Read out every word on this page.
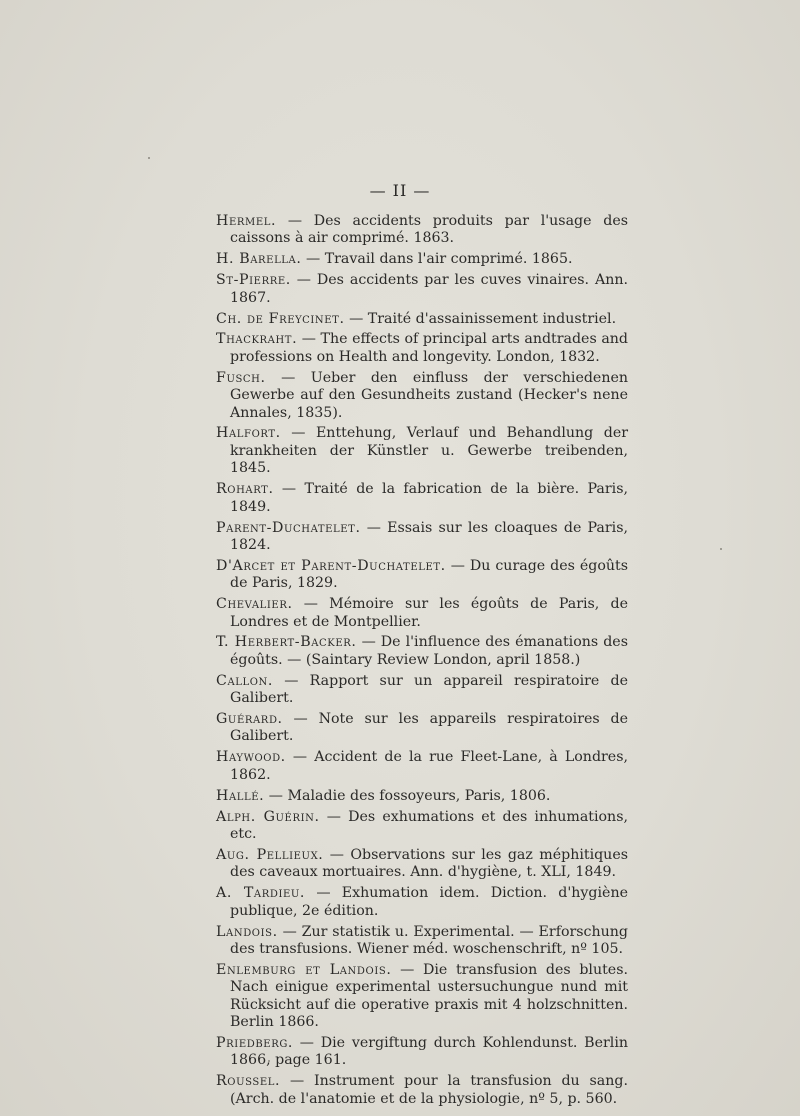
— II —
Hermel. — Des accidents produits par l'usage des caissons à air comprimé. 1863.
H. Barella. — Travail dans l'air comprimé. 1865.
St-Pierre. — Des accidents par les cuves vinaires. Ann. 1867.
Ch. de Freycinet. — Traité d'assainissement industriel.
Thackraht. — The effects of principal arts andtrades and professions on Health and longevity. London, 1832.
Fusch. — Ueber den einfluss der verschiedenen Gewerbe auf den Gesundheits zustand (Hecker's nene Annales, 1835).
Halfort. — Enttehung, Verlauf und Behandlung der krankheiten der Künstler u. Gewerbe treibenden, 1845.
Rohart. — Traité de la fabrication de la bière. Paris, 1849.
Parent-Duchatelet. — Essais sur les cloaques de Paris, 1824.
D'Arcet et Parent-Duchatelet. — Du curage des égoûts de Paris, 1829.
Chevalier. — Mémoire sur les égoûts de Paris, de Londres et de Montpellier.
T. Herbert-Backer. — De l'influence des émanations des égoûts. — (Saintary Review London, april 1858.)
Callon. — Rapport sur un appareil respiratoire de Galibert.
Guérard. — Note sur les appareils respiratoires de Galibert.
Haywood. — Accident de la rue Fleet-Lane, à Londres, 1862.
Hallé. — Maladie des fossoyeurs, Paris, 1806.
Alph. Guérin. — Des exhumations et des inhumations, etc.
Aug. Pellieux. — Observations sur les gaz méphitiques des caveaux mortuaires. Ann. d'hygiène, t. XLI, 1849.
A. Tardieu. — Exhumation idem. Diction. d'hygiène publique, 2e édition.
Landois. — Zur statistik u. Experimental. — Erforschung des transfusions. Wiener méd. woschenschrift, nº 105.
Enlemburg et Landois. — Die transfusion des blutes. Nach einigue experimental ustersuchungue nund mit Rücksicht auf die operative praxis mit 4 holzschnitten. Berlin 1866.
Priedberg. — Die vergiftung durch Kohlendunst. Berlin 1866, page 161.
Roussel. — Instrument pour la transfusion du sang. (Arch. de l'anatomie et de la physiologie, nº 5, p. 560.
